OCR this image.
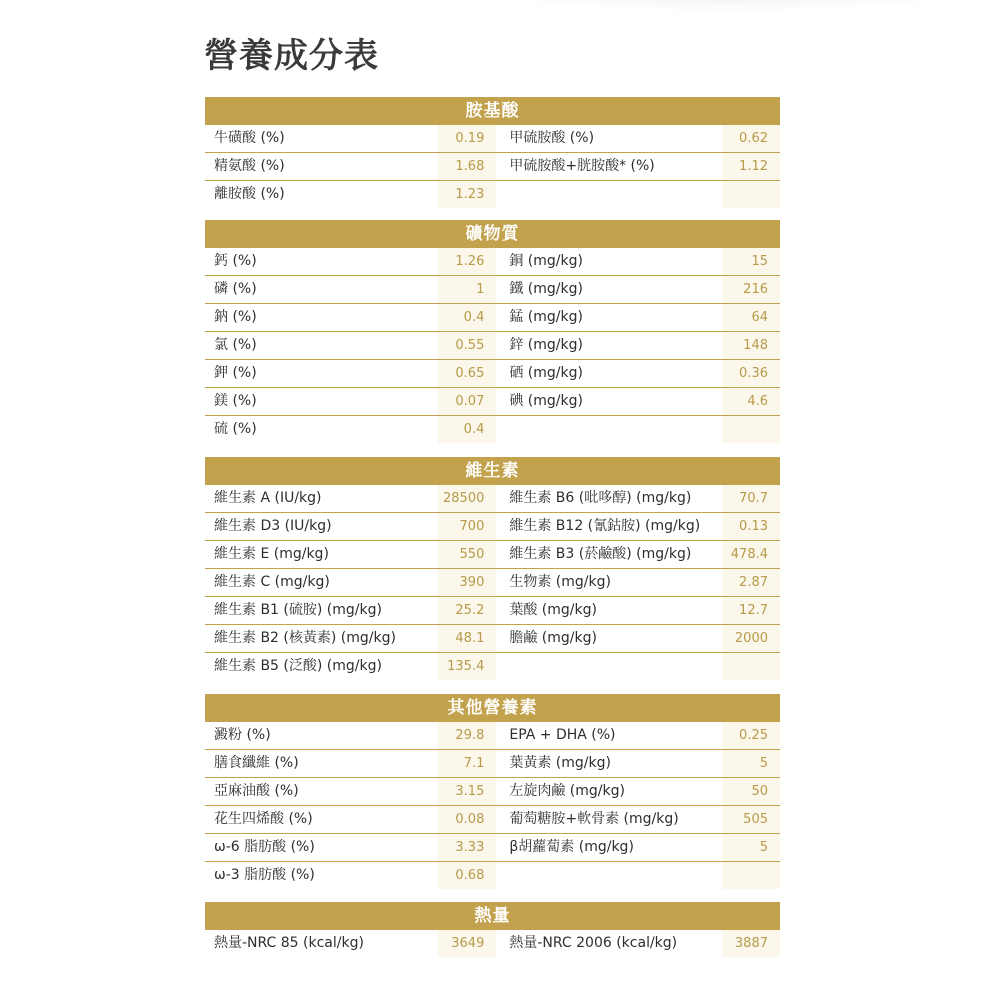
營養成分表
胺基酸
牛磺酸 (%)	0.19	甲硫胺酸 (%)	0.62
精氨酸 (%)	1.68	甲硫胺酸+胱胺酸* (%)	1.12
離胺酸 (%)	1.23
礦物質
鈣 (%)	1.26	銅 (mg/kg)	15
磷 (%)	1	鐵 (mg/kg)	216
鈉 (%)	0.4	錳 (mg/kg)	64
氯 (%)	0.55	鋅 (mg/kg)	148
鉀 (%)	0.65	硒 (mg/kg)	0.36
鎂 (%)	0.07	碘 (mg/kg)	4.6
硫 (%)	0.4
維生素
維生素 A (IU/kg)	28500	維生素 B6 (吡哆醇) (mg/kg)	70.7
維生素 D3 (IU/kg)	700	維生素 B12 (氰鈷胺) (mg/kg)	0.13
維生素 E (mg/kg)	550	維生素 B3 (菸鹼酸) (mg/kg)	478.4
維生素 C (mg/kg)	390	生物素 (mg/kg)	2.87
維生素 B1 (硫胺) (mg/kg)	25.2	葉酸 (mg/kg)	12.7
維生素 B2 (核黃素) (mg/kg)	48.1	膽鹼 (mg/kg)	2000
維生素 B5 (泛酸) (mg/kg)	135.4
其他營養素
澱粉 (%)	29.8	EPA + DHA (%)	0.25
膳食纖維 (%)	7.1	葉黃素 (mg/kg)	5
亞麻油酸 (%)	3.15	左旋肉鹼 (mg/kg)	50
花生四烯酸 (%)	0.08	葡萄糖胺+軟骨素 (mg/kg)	505
ω-6 脂肪酸 (%)	3.33	β胡蘿蔔素 (mg/kg)	5
ω-3 脂肪酸 (%)	0.68
熱量
熱量-NRC 85 (kcal/kg)	3649	熱量-NRC 2006 (kcal/kg)	3887
